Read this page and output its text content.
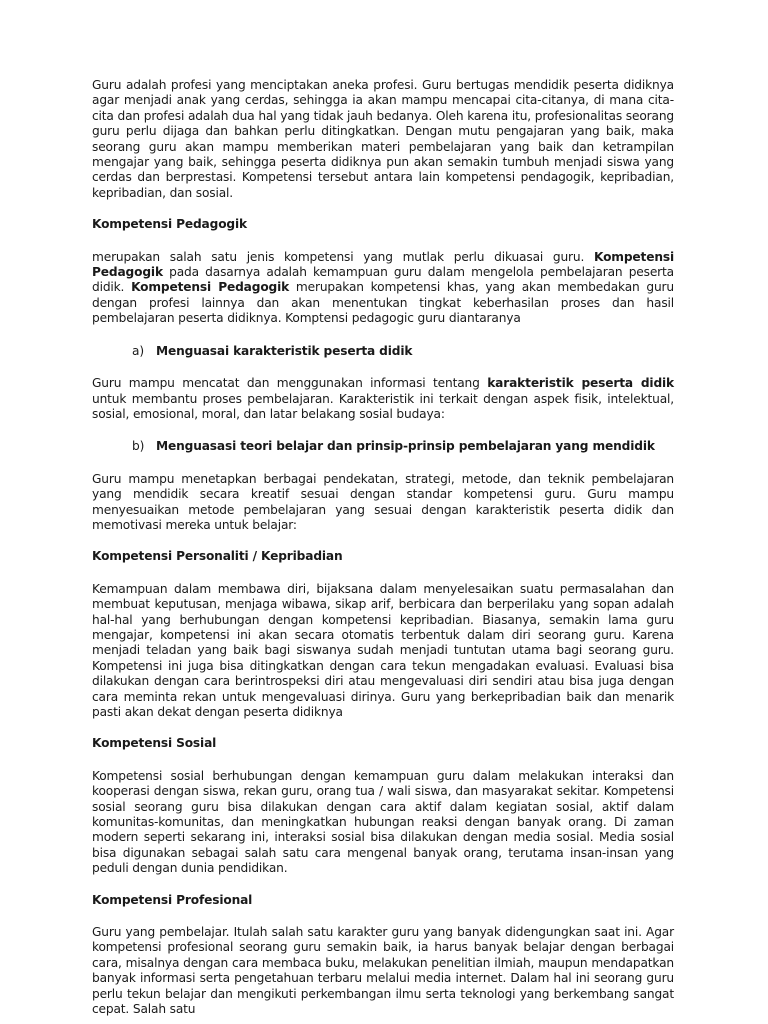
Guru adalah profesi yang menciptakan aneka profesi. Guru bertugas mendidik peserta didiknya agar menjadi anak yang cerdas, sehingga ia akan mampu mencapai cita-citanya, di mana cita-cita dan profesi adalah dua hal yang tidak jauh bedanya. Oleh karena itu, profesionalitas seorang guru perlu dijaga dan bahkan perlu ditingkatkan. Dengan mutu pengajaran yang baik, maka seorang guru akan mampu memberikan materi pembelajaran yang baik dan ketrampilan mengajar yang baik, sehingga peserta didiknya pun akan semakin tumbuh menjadi siswa yang cerdas dan berprestasi. Kompetensi tersebut antara lain kompetensi pendagogik, kepribadian, kepribadian, dan sosial.

Kompetensi Pedagogik

merupakan salah satu jenis kompetensi yang mutlak perlu dikuasai guru. Kompetensi Pedagogik pada dasarnya adalah kemampuan guru dalam mengelola pembelajaran peserta didik. Kompetensi Pedagogik merupakan kompetensi khas, yang akan membedakan guru dengan profesi lainnya dan akan menentukan tingkat keberhasilan proses dan hasil pembelajaran peserta didiknya. Komptensi pedagogic guru diantaranya

a) Menguasai karakteristik peserta didik

Guru mampu mencatat dan menggunakan informasi tentang karakteristik peserta didik untuk membantu proses pembelajaran. Karakteristik ini terkait dengan aspek fisik, intelektual, sosial, emosional, moral, dan latar belakang sosial budaya:

b) Menguasasi teori belajar dan prinsip-prinsip pembelajaran yang mendidik

Guru mampu menetapkan berbagai pendekatan, strategi, metode, dan teknik pembelajaran yang mendidik secara kreatif sesuai dengan standar kompetensi guru. Guru mampu menyesuaikan metode pembelajaran yang sesuai dengan karakteristik peserta didik dan memotivasi mereka untuk belajar:

Kompetensi Personaliti / Kepribadian

Kemampuan dalam membawa diri, bijaksana dalam menyelesaikan suatu permasalahan dan membuat keputusan, menjaga wibawa, sikap arif, berbicara dan berperilaku yang sopan adalah hal-hal yang berhubungan dengan kompetensi kepribadian. Biasanya, semakin lama guru mengajar, kompetensi ini akan secara otomatis terbentuk dalam diri seorang guru. Karena menjadi teladan yang baik bagi siswanya sudah menjadi tuntutan utama bagi seorang guru. Kompetensi ini juga bisa ditingkatkan dengan cara tekun mengadakan evaluasi. Evaluasi bisa dilakukan dengan cara berintrospeksi diri atau mengevaluasi diri sendiri atau bisa juga dengan cara meminta rekan untuk mengevaluasi dirinya. Guru yang berkepribadian baik dan menarik pasti akan dekat dengan peserta didiknya

Kompetensi Sosial

Kompetensi sosial berhubungan dengan kemampuan guru dalam melakukan interaksi dan kooperasi dengan siswa, rekan guru, orang tua / wali siswa, dan masyarakat sekitar. Kompetensi sosial seorang guru bisa dilakukan dengan cara aktif dalam kegiatan sosial, aktif dalam komunitas-komunitas, dan meningkatkan hubungan reaksi dengan banyak orang. Di zaman modern seperti sekarang ini, interaksi sosial bisa dilakukan dengan media sosial. Media sosial bisa digunakan sebagai salah satu cara mengenal banyak orang, terutama insan-insan yang peduli dengan dunia pendidikan.

Kompetensi Profesional

Guru yang pembelajar. Itulah salah satu karakter guru yang banyak didengungkan saat ini. Agar kompetensi profesional seorang guru semakin baik, ia harus banyak belajar dengan berbagai cara, misalnya dengan cara membaca buku, melakukan penelitian ilmiah, maupun mendapatkan banyak informasi serta pengetahuan terbaru melalui media internet. Dalam hal ini seorang guru perlu tekun belajar dan mengikuti perkembangan ilmu serta teknologi yang berkembang sangat cepat. Salah satu
